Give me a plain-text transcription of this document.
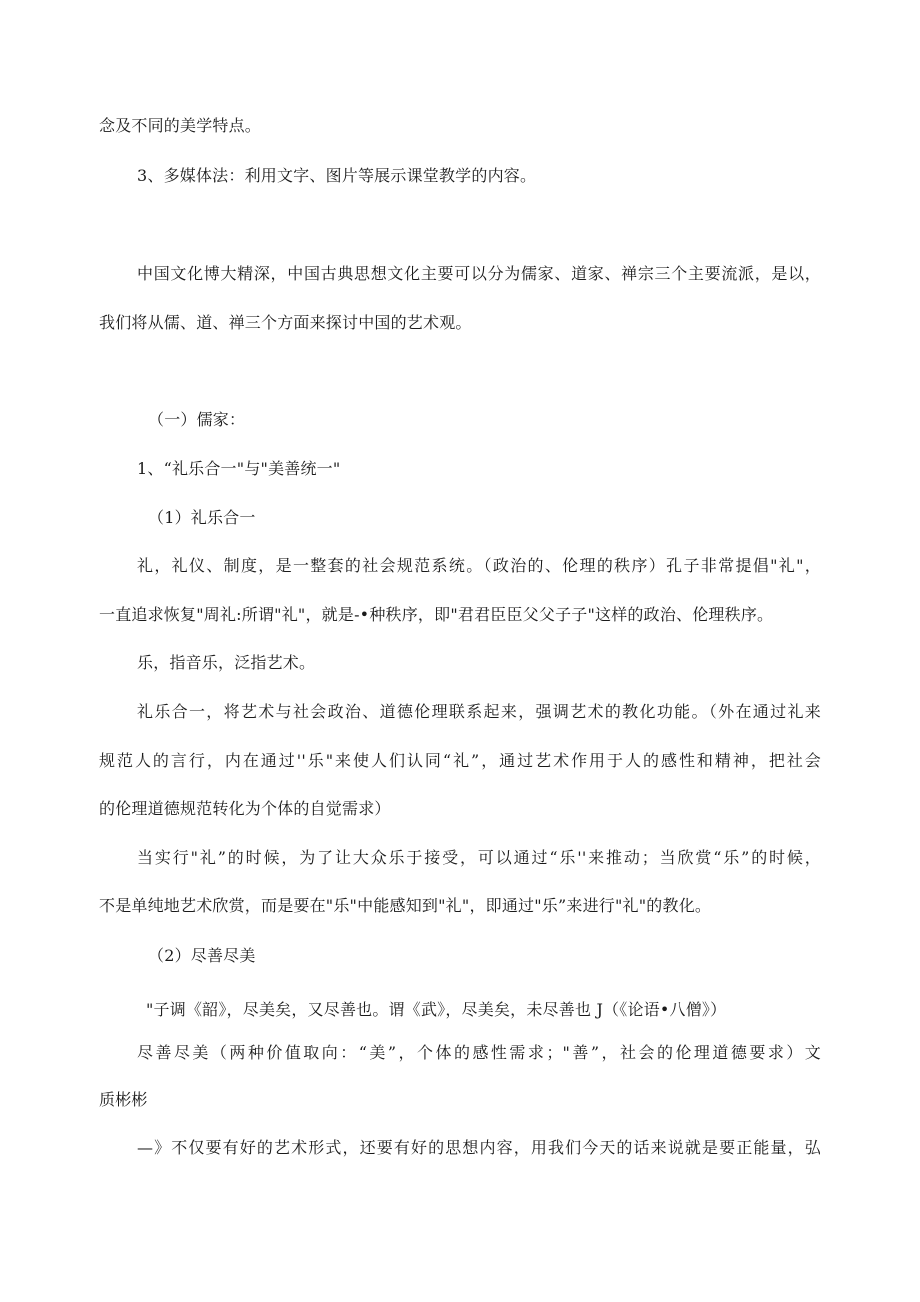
念及不同的美学特点。

3、多媒体法：利用文字、图片等展示课堂教学的内容。

中国文化博大精深，中国古典思想文化主要可以分为儒家、道家、禅宗三个主要流派，是以，

我们将从儒、道、禅三个方面来探讨中国的艺术观。

（一）儒家：

1、“礼乐合一"与"美善统一"

（1）礼乐合一

礼，礼仪、制度，是一整套的社会规范系统。（政治的、伦理的秩序）孔子非常提倡"礼"，

一直追求恢复"周礼:所谓"礼"，就是-•种秩序，即"君君臣臣父父子子"这样的政治、伦理秩序。

乐，指音乐，泛指艺术。

礼乐合一，将艺术与社会政治、道德伦理联系起来，强调艺术的教化功能。（外在通过礼来

规范人的言行，内在通过''乐"来使人们认同“礼”，通过艺术作用于人的感性和精神，把社会

的伦理道德规范转化为个体的自觉需求）

当实行"礼”的时候，为了让大众乐于接受，可以通过“乐''来推动；当欣赏“乐”的时候，

不是单纯地艺术欣赏，而是要在"乐"中能感知到"礼"，即通过"乐”来进行"礼"的教化。

（2）尽善尽美

"子调《韶》，尽美矣，又尽善也。谓《武》，尽美矣，未尽善也 J（《论语•八僧》）

尽善尽美（两种价值取向：“美”，个体的感性需求；"善”，社会的伦理道德要求）文

质彬彬

—》不仅要有好的艺术形式，还要有好的思想内容，用我们今天的话来说就是要正能量，弘
